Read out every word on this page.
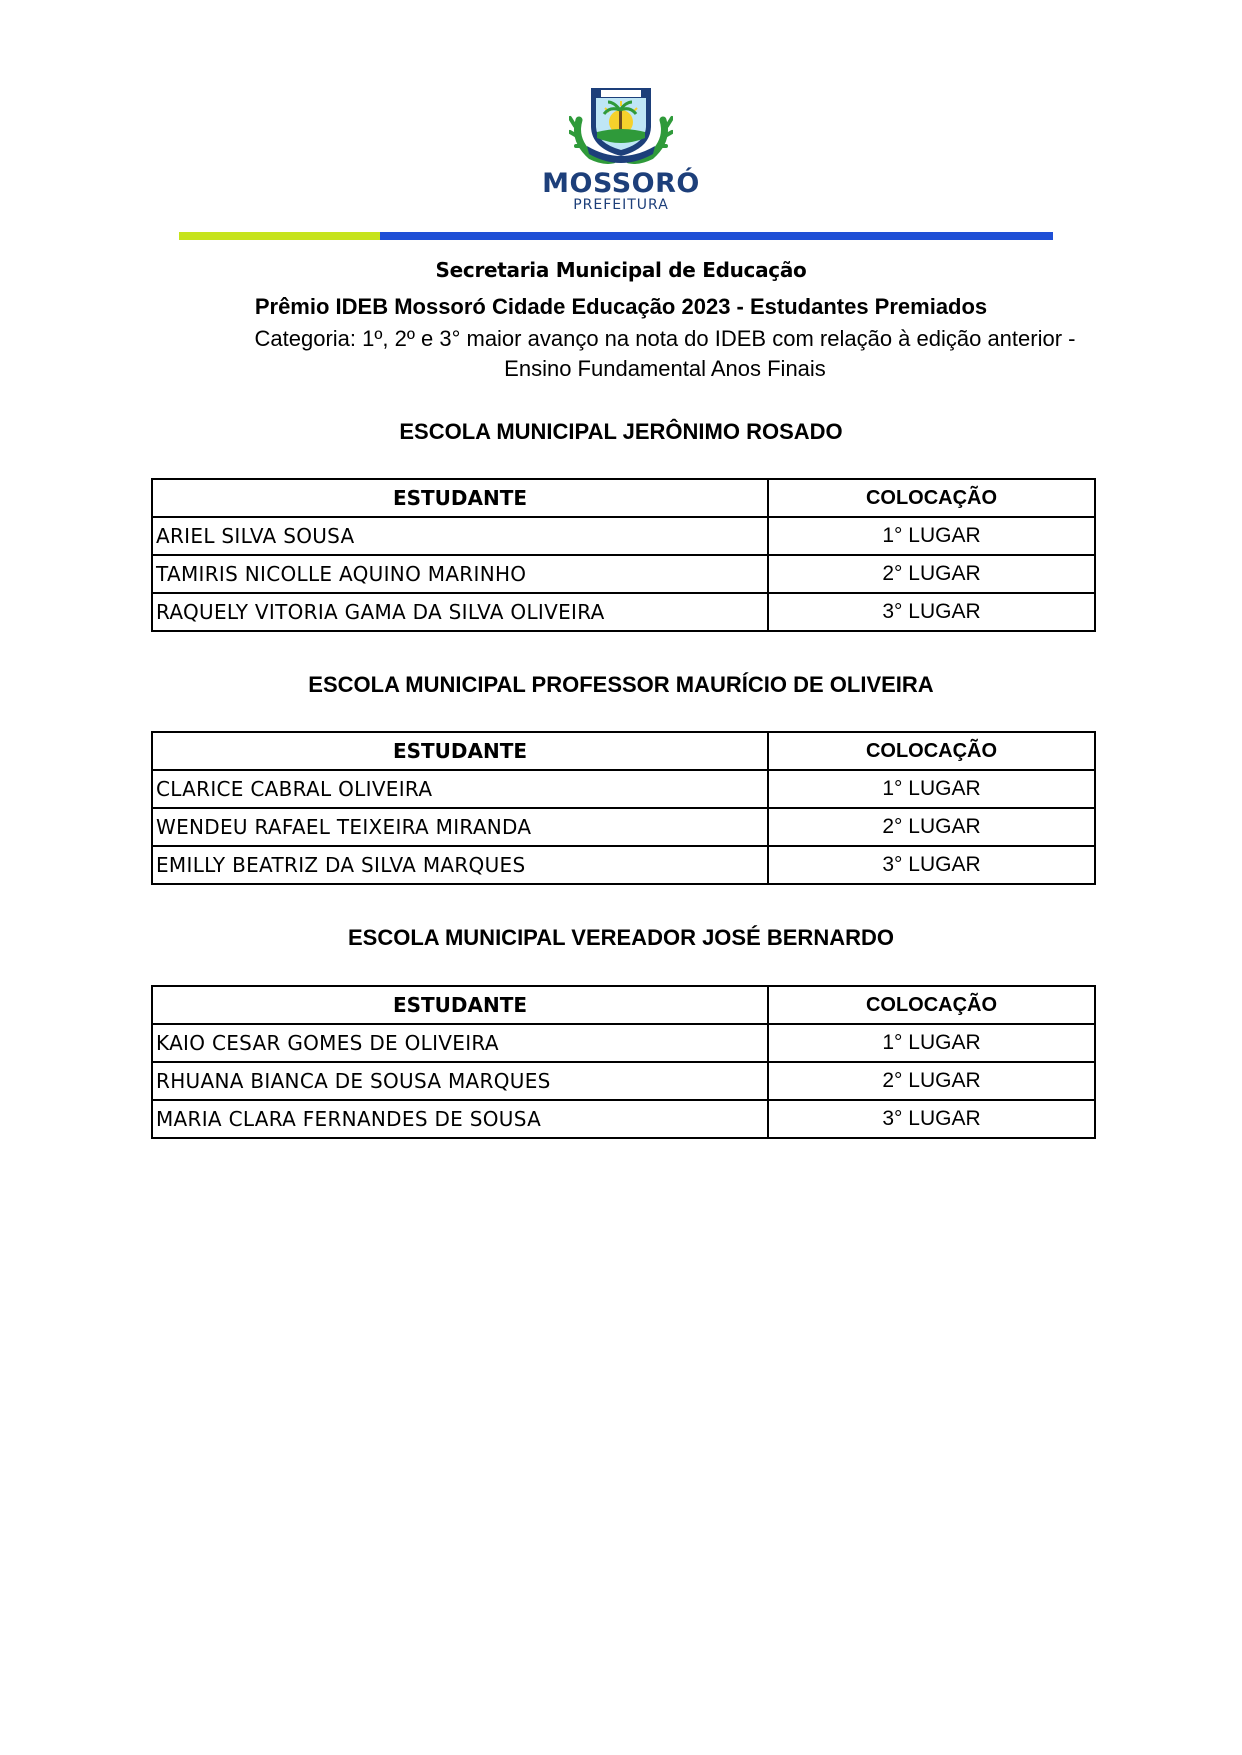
MOSSORÓ
PREFEITURA
Secretaria Municipal de Educação
Prêmio IDEB Mossoró Cidade Educação 2023 - Estudantes Premiados
Categoria: 1º, 2º e 3° maior avanço na nota do IDEB com relação à edição anterior -
Ensino Fundamental Anos Finais
ESCOLA MUNICIPAL JERÔNIMO ROSADO
ESTUDANTE	COLOCAÇÃO
ARIEL SILVA SOUSA	1° LUGAR
TAMIRIS NICOLLE AQUINO MARINHO	2° LUGAR
RAQUELY VITORIA GAMA DA SILVA OLIVEIRA	3° LUGAR
ESCOLA MUNICIPAL PROFESSOR MAURÍCIO DE OLIVEIRA
ESTUDANTE	COLOCAÇÃO
CLARICE CABRAL OLIVEIRA	1° LUGAR
WENDEU RAFAEL TEIXEIRA MIRANDA	2° LUGAR
EMILLY BEATRIZ DA SILVA MARQUES	3° LUGAR
ESCOLA MUNICIPAL VEREADOR JOSÉ BERNARDO
ESTUDANTE	COLOCAÇÃO
KAIO CESAR GOMES DE OLIVEIRA	1° LUGAR
RHUANA BIANCA DE SOUSA MARQUES	2° LUGAR
MARIA CLARA FERNANDES DE SOUSA	3° LUGAR
